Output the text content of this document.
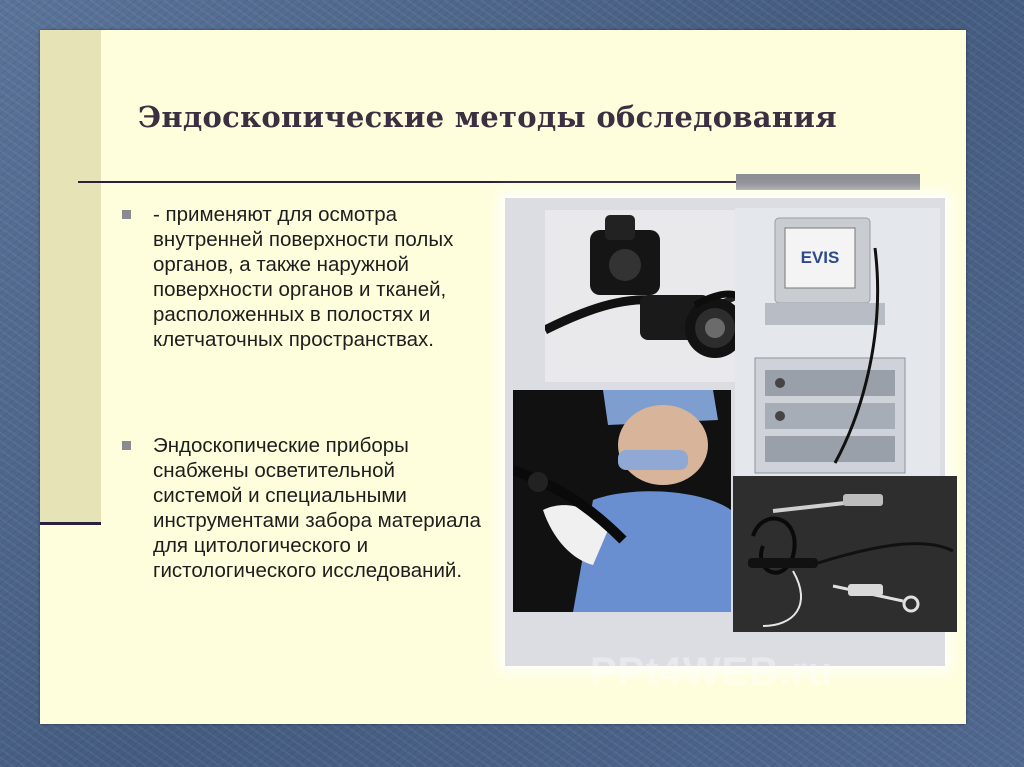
Эндоскопические методы обследования
- применяют для осмотра внутренней поверхности полых органов, а также наружной поверхности органов и тканей, расположенных в полостях и клетчаточных пространствах.
Эндоскопические приборы снабжены осветительной системой и специальными инструментами забора материала для цитологического и гистологического исследований.
EVIS
PPt4WEB.ru
